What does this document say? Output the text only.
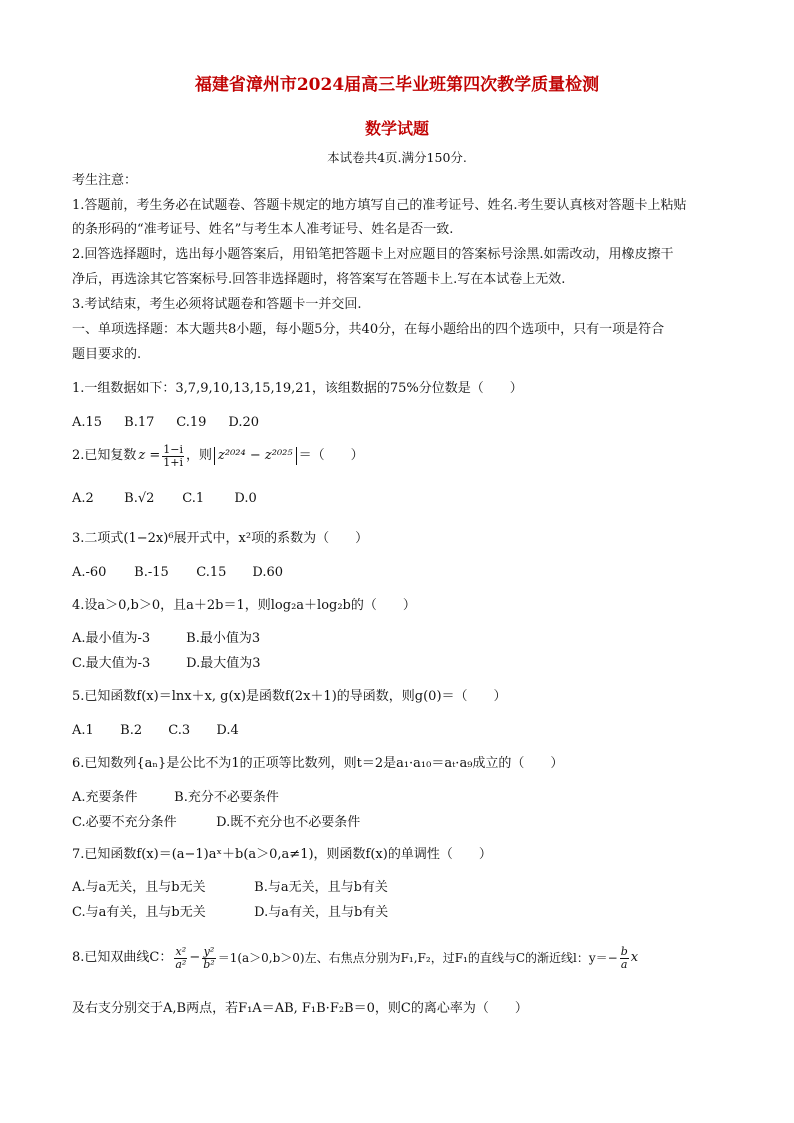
福建省漳州市2024届高三毕业班第四次教学质量检测
数学试题
本试卷共4页.满分150分.
考生注意：
1.答题前，考生务必在试题卷、答题卡规定的地方填写自己的准考证号、姓名.考生要认真核对答题卡上粘贴
的条形码的“准考证号、姓名”与考生本人准考证号、姓名是否一致.
2.回答选择题时，选出每小题答案后，用铅笔把答题卡上对应题目的答案标号涂黑.如需改动，用橡皮擦干
净后，再选涂其它答案标号.回答非选择题时，将答案写在答题卡上.写在本试卷上无效.
3.考试结束，考生必须将试题卷和答题卡一并交回.
一、单项选择题：本大题共8小题，每小题5分，共40分，在每小题给出的四个选项中，只有一项是符合
题目要求的.
1.一组数据如下：3,7,9,10,13,15,19,21，该组数据的75%分位数是（　　）
A.15 B.17 C.19 D.20
2.已知复数 $z = \frac{1-i}{1+i}$ ，则 z²⁰²⁴ − z²⁰²⁵ ＝（　　）
A.2 B.√2 C.1 D.0
3.二项式(1−2x)⁶展开式中，x²项的系数为（　　）
A.-60 B.-15 C.15 D.60
4.设a＞0,b＞0，且a＋2b＝1，则log₂a＋log₂b的（　　）
A.最小值为-3	B.最小值为3
C.最大值为-3	D.最大值为3
5.已知函数f(x)＝lnx＋x, g(x)是函数f(2x＋1)的导函数，则g(0)＝（　　）
A.1 B.2 C.3 D.4
6.已知数列{aₙ}是公比不为1的正项等比数列，则t＝2是a₁·a₁₀＝aₜ·a₉成立的（　　）
A.充要条件	B.充分不必要条件
C.必要不充分条件	D.既不充分也不必要条件
7.已知函数f(x)＝(a−1)aˣ＋b(a＞0,a≠1)，则函数f(x)的单调性（　　）
A.与a无关，且与b无关	B.与a无关，且与b有关
C.与a有关，且与b无关	D.与a有关，且与b有关
8.已知双曲线C： $\frac{\text{x²}}{\text{a²}} - \frac{\text{y²}}{\text{b²}} =1(a>0,b>0)$左、右焦点分别为F₁,F₂，过F₁的直线与C的渐近线l：$y=- \frac{b}{a}$ x
及右支分别交于A,B两点，若F₁A＝AB, F₁B·F₂B＝0，则C的离心率为（　　）
